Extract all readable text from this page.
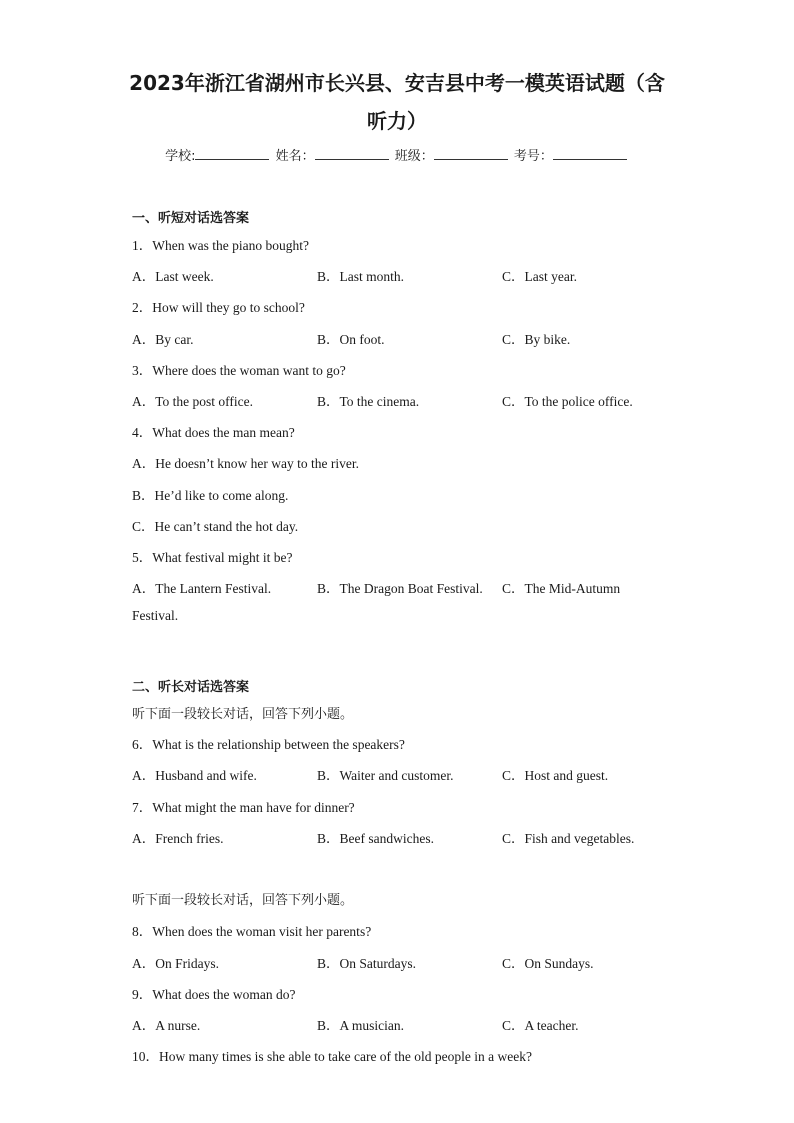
2023年浙江省湖州市长兴县、安吉县中考一模英语试题（含
听力）
学校:	姓名：	班级：	考号：
一、听短对话选答案
1．When was the piano bought?
A．Last week.	B．Last month.	C．Last year.
2．How will they go to school?
A．By car.	B．On foot.	C．By bike.
3．Where does the woman want to go?
A．To the post office.	B．To the cinema.	C．To the police office.
4．What does the man mean?
A．He doesn’t know her way to the river.
B．He’d like to come along.
C．He can’t stand the hot day.
5．What festival might it be?
A．The Lantern Festival.	B．The Dragon Boat Festival. C．The Mid-Autumn
Festival.
二、听长对话选答案
听下面一段较长对话，回答下列小题。
6．What is the relationship between the speakers?
A．Husband and wife.	B．Waiter and customer.	C．Host and guest.
7．What might the man have for dinner?
A．French fries.	B．Beef sandwiches.	C．Fish and vegetables.
听下面一段较长对话，回答下列小题。
8．When does the woman visit her parents?
A．On Fridays.	B．On Saturdays.	C．On Sundays.
9．What does the woman do?
A．A nurse.	B．A musician.	C．A teacher.
10．How many times is she able to take care of the old people in a week?
